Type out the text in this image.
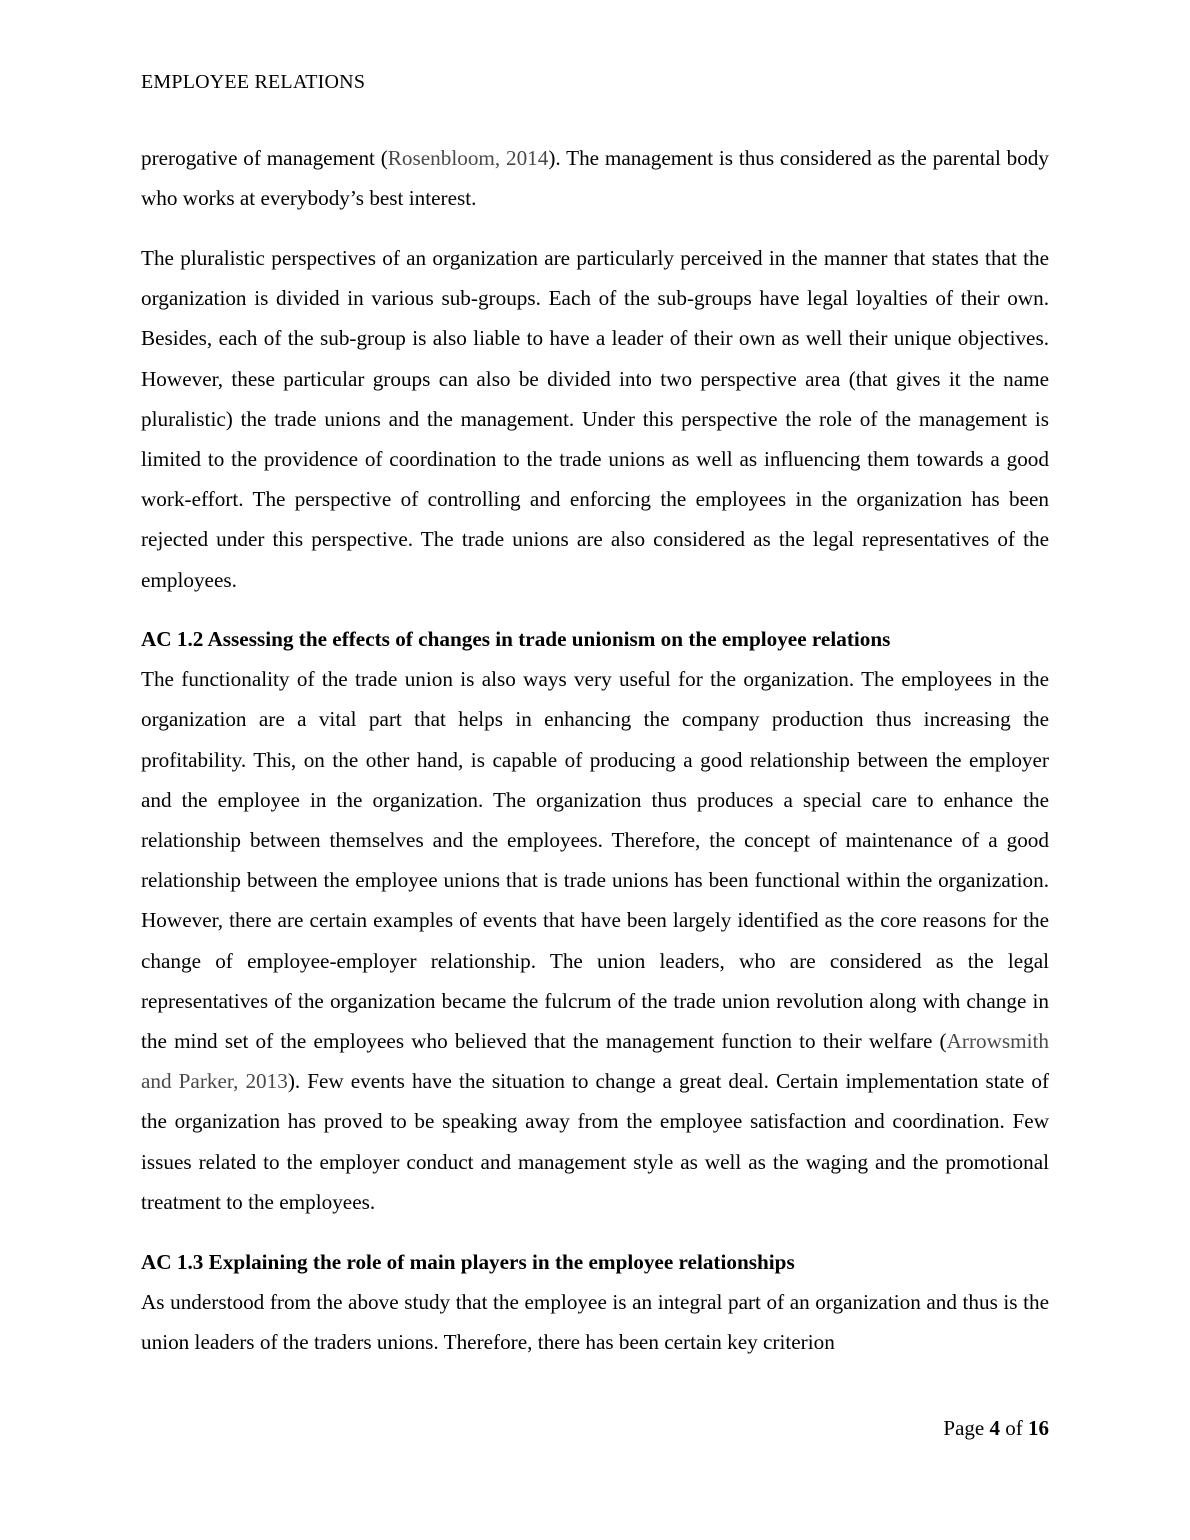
EMPLOYEE RELATIONS

prerogative of management (Rosenbloom, 2014). The management is thus considered as the parental body who works at everybody’s best interest.

The pluralistic perspectives of an organization are particularly perceived in the manner that states that the organization is divided in various sub-groups. Each of the sub-groups have legal loyalties of their own. Besides, each of the sub-group is also liable to have a leader of their own as well their unique objectives. However, these particular groups can also be divided into two perspective area (that gives it the name pluralistic) the trade unions and the management. Under this perspective the role of the management is limited to the providence of coordination to the trade unions as well as influencing them towards a good work-effort. The perspective of controlling and enforcing the employees in the organization has been rejected under this perspective. The trade unions are also considered as the legal representatives of the employees.

AC 1.2 Assessing the effects of changes in trade unionism on the employee relations

The functionality of the trade union is also ways very useful for the organization. The employees in the organization are a vital part that helps in enhancing the company production thus increasing the profitability. This, on the other hand, is capable of producing a good relationship between the employer and the employee in the organization. The organization thus produces a special care to enhance the relationship between themselves and the employees. Therefore, the concept of maintenance of a good relationship between the employee unions that is trade unions has been functional within the organization. However, there are certain examples of events that have been largely identified as the core reasons for the change of employee-employer relationship. The union leaders, who are considered as the legal representatives of the organization became the fulcrum of the trade union revolution along with change in the mind set of the employees who believed that the management function to their welfare (Arrowsmith and Parker, 2013). Few events have the situation to change a great deal. Certain implementation state of the organization has proved to be speaking away from the employee satisfaction and coordination. Few issues related to the employer conduct and management style as well as the waging and the promotional treatment to the employees.

AC 1.3 Explaining the role of main players in the employee relationships

As understood from the above study that the employee is an integral part of an organization and thus is the union leaders of the traders unions. Therefore, there has been certain key criterion

Page 4 of 16
